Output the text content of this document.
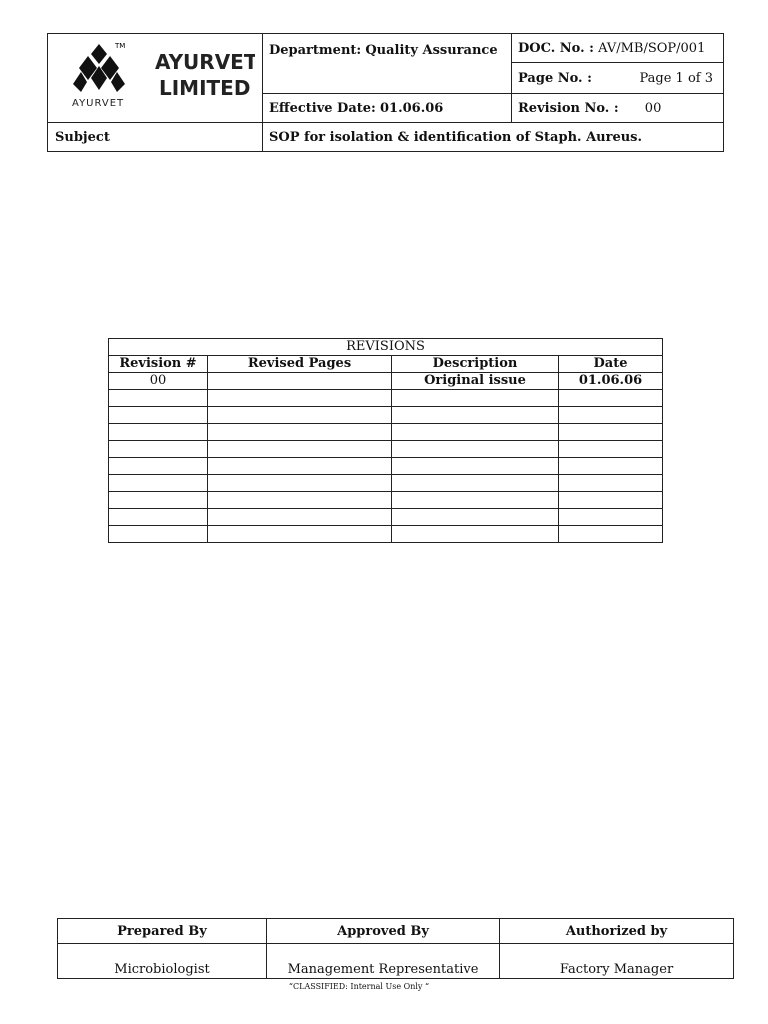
TM
AYURVET
LIMITED
AYURVET	Department: Quality Assurance	DOC. No. : AV/MB/SOP/001
		Page No. : Page 1 of 3

	Effective Date: 01.06.06	Revision No. : 00
Subject	SOP for isolation & identification of Staph. Aureus.	
REVISIONS			
Revision #	Revised Pages	Description	Date
00		Original issue	01.06.06

Prepared By	Approved By	Authorized by
Microbiologist	Management Representative	Factory Manager
“CLASSIFIED: Internal Use Only “
